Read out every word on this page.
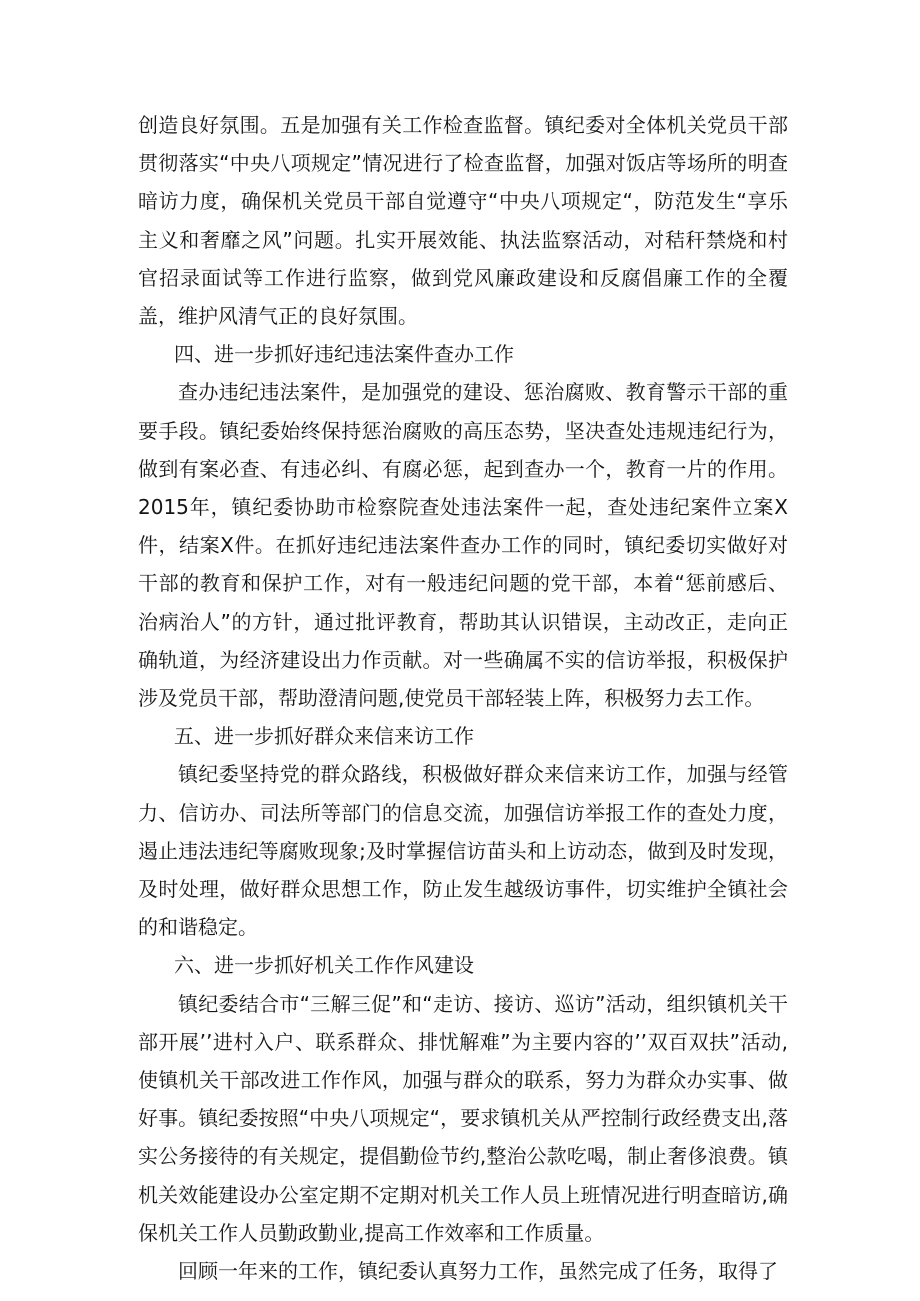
创造良好氛围。五是加强有关工作检查监督。镇纪委对全体机关党员干部贯彻落实“中央八项规定”情况进行了检查监督，加强对饭店等场所的明查暗访力度，确保机关党员干部自觉遵守“中央八项规定“，防范发生“享乐主义和奢靡之风”问题。扎实开展效能、执法监察活动，对秸秆禁烧和村官招录面试等工作进行监察，做到党风廉政建设和反腐倡廉工作的全覆盖，维护风清气正的良好氛围。

四、进一步抓好违纪违法案件查办工作

查办违纪违法案件，是加强党的建设、惩治腐败、教育警示干部的重要手段。镇纪委始终保持惩治腐败的高压态势，坚决查处违规违纪行为，做到有案必查、有违必纠、有腐必惩，起到查办一个，教育一片的作用。2015年，镇纪委协助市检察院查处违法案件一起，查处违纪案件立案X件，结案X件。在抓好违纪违法案件查办工作的同时，镇纪委切实做好对干部的教育和保护工作，对有一般违纪问题的党干部，本着“惩前感后、治病治人”的方针，通过批评教育，帮助其认识错误，主动改正，走向正确轨道，为经济建设出力作贡献。对一些确属不实的信访举报，积极保护涉及党员干部，帮助澄清问题,使党员干部轻装上阵，积极努力去工作。

五、进一步抓好群众来信来访工作

镇纪委坚持党的群众路线，积极做好群众来信来访工作，加强与经管力、信访办、司法所等部门的信息交流，加强信访举报工作的查处力度，遏止违法违纪等腐败现象;及时掌握信访苗头和上访动态，做到及时发现，及时处理，做好群众思想工作，防止发生越级访事件，切实维护全镇社会的和谐稳定。

六、进一步抓好机关工作作风建设

镇纪委结合市“三解三促”和“走访、接访、巡访”活动，组织镇机关干部开展’’进村入户、联系群众、排忧解难”为主要内容的’’双百双扶”活动,使镇机关干部改进工作作风，加强与群众的联系，努力为群众办实事、做好事。镇纪委按照“中央八项规定“，要求镇机关从严控制行政经费支出,落实公务接待的有关规定，提倡勤俭节约,整治公款吃喝，制止奢侈浪费。镇机关效能建设办公室定期不定期对机关工作人员上班情况进行明查暗访,确保机关工作人员勤政勤业,提高工作效率和工作质量。

回顾一年来的工作，镇纪委认真努力工作，虽然完成了任务，取得了
